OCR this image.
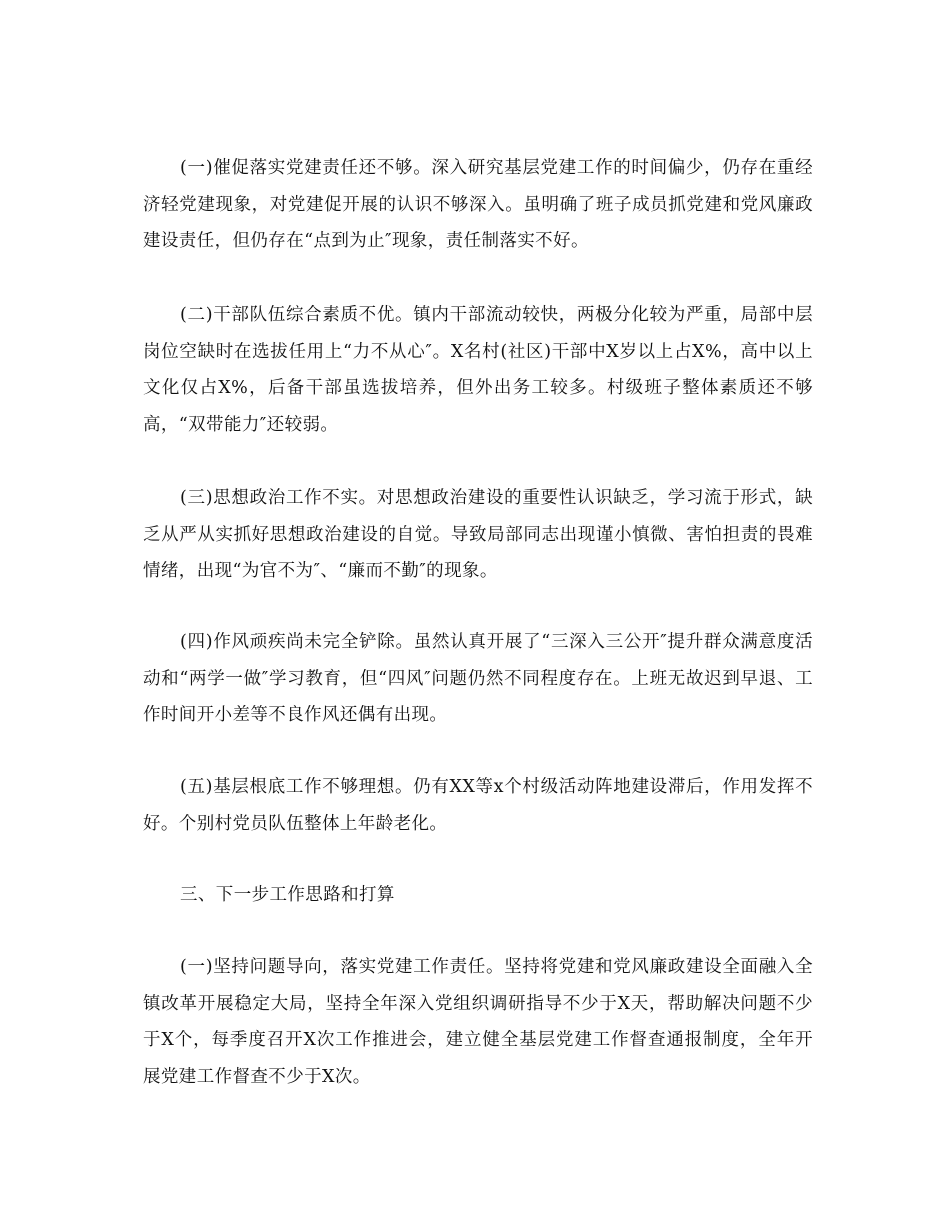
(一)催促落实党建责任还不够。深入研究基层党建工作的时间偏少，仍存在重经济轻党建现象，对党建促开展的认识不够深入。虽明确了班子成员抓党建和党风廉政建设责任，但仍存在“点到为止″现象，责任制落实不好。

(二)干部队伍综合素质不优。镇内干部流动较快，两极分化较为严重，局部中层岗位空缺时在选拔任用上“力不从心″。X名村(社区)干部中X岁以上占X%，高中以上文化仅占X%，后备干部虽选拔培养，但外出务工较多。村级班子整体素质还不够高，“双带能力″还较弱。

(三)思想政治工作不实。对思想政治建设的重要性认识缺乏，学习流于形式，缺乏从严从实抓好思想政治建设的自觉。导致局部同志出现谨小慎微、害怕担责的畏难情绪，出现“为官不为″、“廉而不勤″的现象。

(四)作风顽疾尚未完全铲除。虽然认真开展了“三深入三公开″提升群众满意度活动和“两学一做″学习教育，但“四风″问题仍然不同程度存在。上班无故迟到早退、工作时间开小差等不良作风还偶有出现。

(五)基层根底工作不够理想。仍有XX等x个村级活动阵地建设滞后，作用发挥不好。个别村党员队伍整体上年龄老化。

三、下一步工作思路和打算

(一)坚持问题导向，落实党建工作责任。坚持将党建和党风廉政建设全面融入全镇改革开展稳定大局，坚持全年深入党组织调研指导不少于X天，帮助解决问题不少于X个，每季度召开X次工作推进会，建立健全基层党建工作督查通报制度，全年开展党建工作督查不少于X次。
